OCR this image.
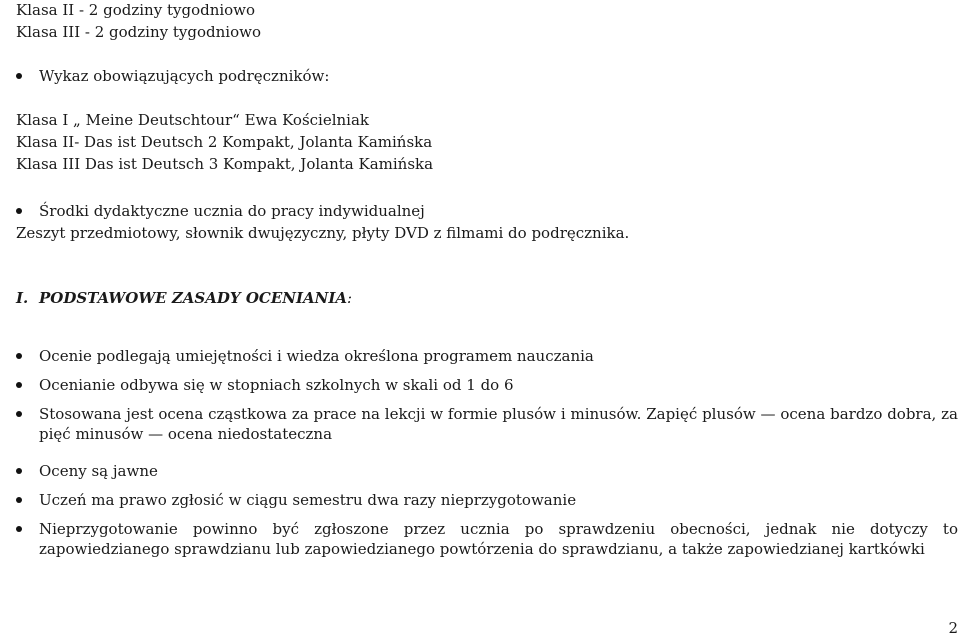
Klasa II - 2 godziny tygodniowo
Klasa III - 2 godziny tygodniowo
Wykaz obowiązujących podręczników:
Klasa I „ Meine Deutschtour“ Ewa Kościelniak
Klasa II- Das ist Deutsch 2 Kompakt, Jolanta Kamińska
Klasa III Das ist Deutsch 3 Kompakt, Jolanta Kamińska
Środki dydaktyczne ucznia do pracy indywidualnej
Zeszyt przedmiotowy, słownik dwujęzyczny, płyty DVD z filmami do podręcznika.
I. PODSTAWOWE ZASADY OCENIANIA:
Ocenie podlegają umiejętności i wiedza określona programem nauczania
Ocenianie odbywa się w stopniach szkolnych w skali od 1 do 6
Stosowana jest ocena cząstkowa za prace na lekcji w formie plusów i minusów. Zapięć plusów — ocena bardzo dobra, za pięć minusów — ocena niedostateczna
Oceny są jawne
Uczeń ma prawo zgłosić w ciągu semestru dwa razy nieprzygotowanie
Nieprzygotowanie powinno być zgłoszone przez ucznia po sprawdzeniu obecności, jednak nie dotyczy to zapowiedzianego sprawdzianu lub zapowiedzianego powtórzenia do sprawdzianu, a także zapowiedzianej kartkówki
2
